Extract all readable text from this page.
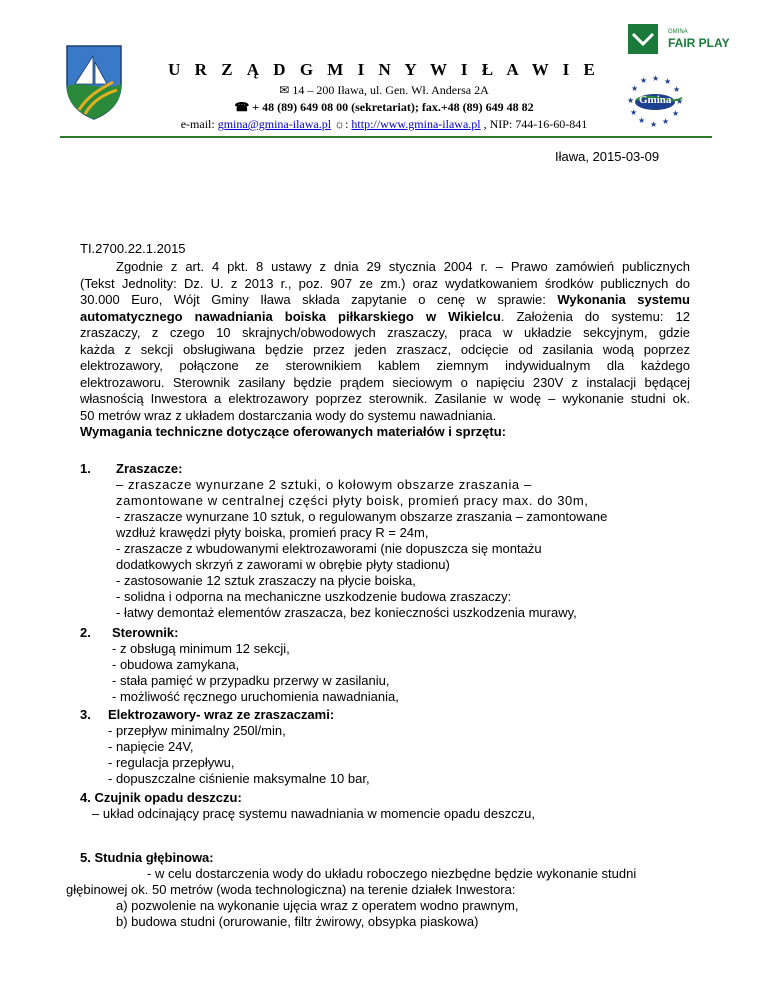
U R Z Ą D G M I N Y W I Ł A W I E
✉ 14 – 200 Iława, ul. Gen. Wł. Andersa 2A
☎ + 48 (89) 649 08 00 (sekretariat); fax.+48 (89) 649 48 82
e-mail: gmina@gmina-ilawa.pl ☼: http://www.gmina-ilawa.pl , NIP: 744-16-60-841
GMINA
FAIR PLAY
★ ★
★
★
★
★
★
★
★
★
★
★
Gmina
Iława, 2015-03-09
TI.2700.22.1.2015
Zgodnie z art. 4 pkt. 8 ustawy z dnia 29 stycznia 2004 r. – Prawo zamówień publicznych
(Tekst Jednolity: Dz. U. z 2013 r., poz. 907 ze zm.) oraz wydatkowaniem środków publicznych do
30.000 Euro, Wójt Gminy Iława składa zapytanie o cenę w sprawie: Wykonania systemu
automatycznego nawadniania boiska piłkarskiego w Wikielcu. Założenia do systemu: 12
zraszaczy, z czego 10 skrajnych/obwodowych zraszaczy, praca w układzie sekcyjnym, gdzie
każda z sekcji obsługiwana będzie przez jeden zraszacz, odcięcie od zasilania wodą poprzez
elektrozawory, połączone ze sterownikiem kablem ziemnym indywidualnym dla każdego
elektrozaworu. Sterownik zasilany będzie prądem sieciowym o napięciu 230V z instalacji będącej
własnością Inwestora a elektrozawory poprzez sterownik. Zasilanie w wodę – wykonanie studni ok.
50 metrów wraz z układem dostarczania wody do systemu nawadniania.
Wymagania techniczne dotyczące oferowanych materiałów i sprzętu:
1. Zraszacze:
– zraszacze wynurzane 2 sztuki, o kołowym obszarze zraszania –
zamontowane w centralnej części płyty boisk, promień pracy max. do 30m,
- zraszacze wynurzane 10 sztuk, o regulowanym obszarze zraszania – zamontowane
wzdłuż krawędzi płyty boiska, promień pracy R = 24m,
- zraszacze z wbudowanymi elektrozaworami (nie dopuszcza się montażu
dodatkowych skrzyń z zaworami w obrębie płyty stadionu)
- zastosowanie 12 sztuk zraszaczy na płycie boiska,
- solidna i odporna na mechaniczne uszkodzenie budowa zraszaczy:
- łatwy demontaż elementów zraszacza, bez konieczności uszkodzenia murawy,
2. Sterownik:
- z obsługą minimum 12 sekcji,
- obudowa zamykana,
- stała pamięć w przypadku przerwy w zasilaniu,
- możliwość ręcznego uruchomienia nawadniania,
3. Elektrozawory- wraz ze zraszaczami:
- przepływ minimalny 250l/min,
- napięcie 24V,
- regulacja przepływu,
- dopuszczalne ciśnienie maksymalne 10 bar,
4. Czujnik opadu deszczu:
– układ odcinający pracę systemu nawadniania w momencie opadu deszczu,
5. Studnia głębinowa:
- w celu dostarczenia wody do układu roboczego niezbędne będzie wykonanie studni
głębinowej ok. 50 metrów (woda technologiczna) na terenie działek Inwestora:
a) pozwolenie na wykonanie ujęcia wraz z operatem wodno prawnym,
b) budowa studni (orurowanie, filtr żwirowy, obsypka piaskowa)
